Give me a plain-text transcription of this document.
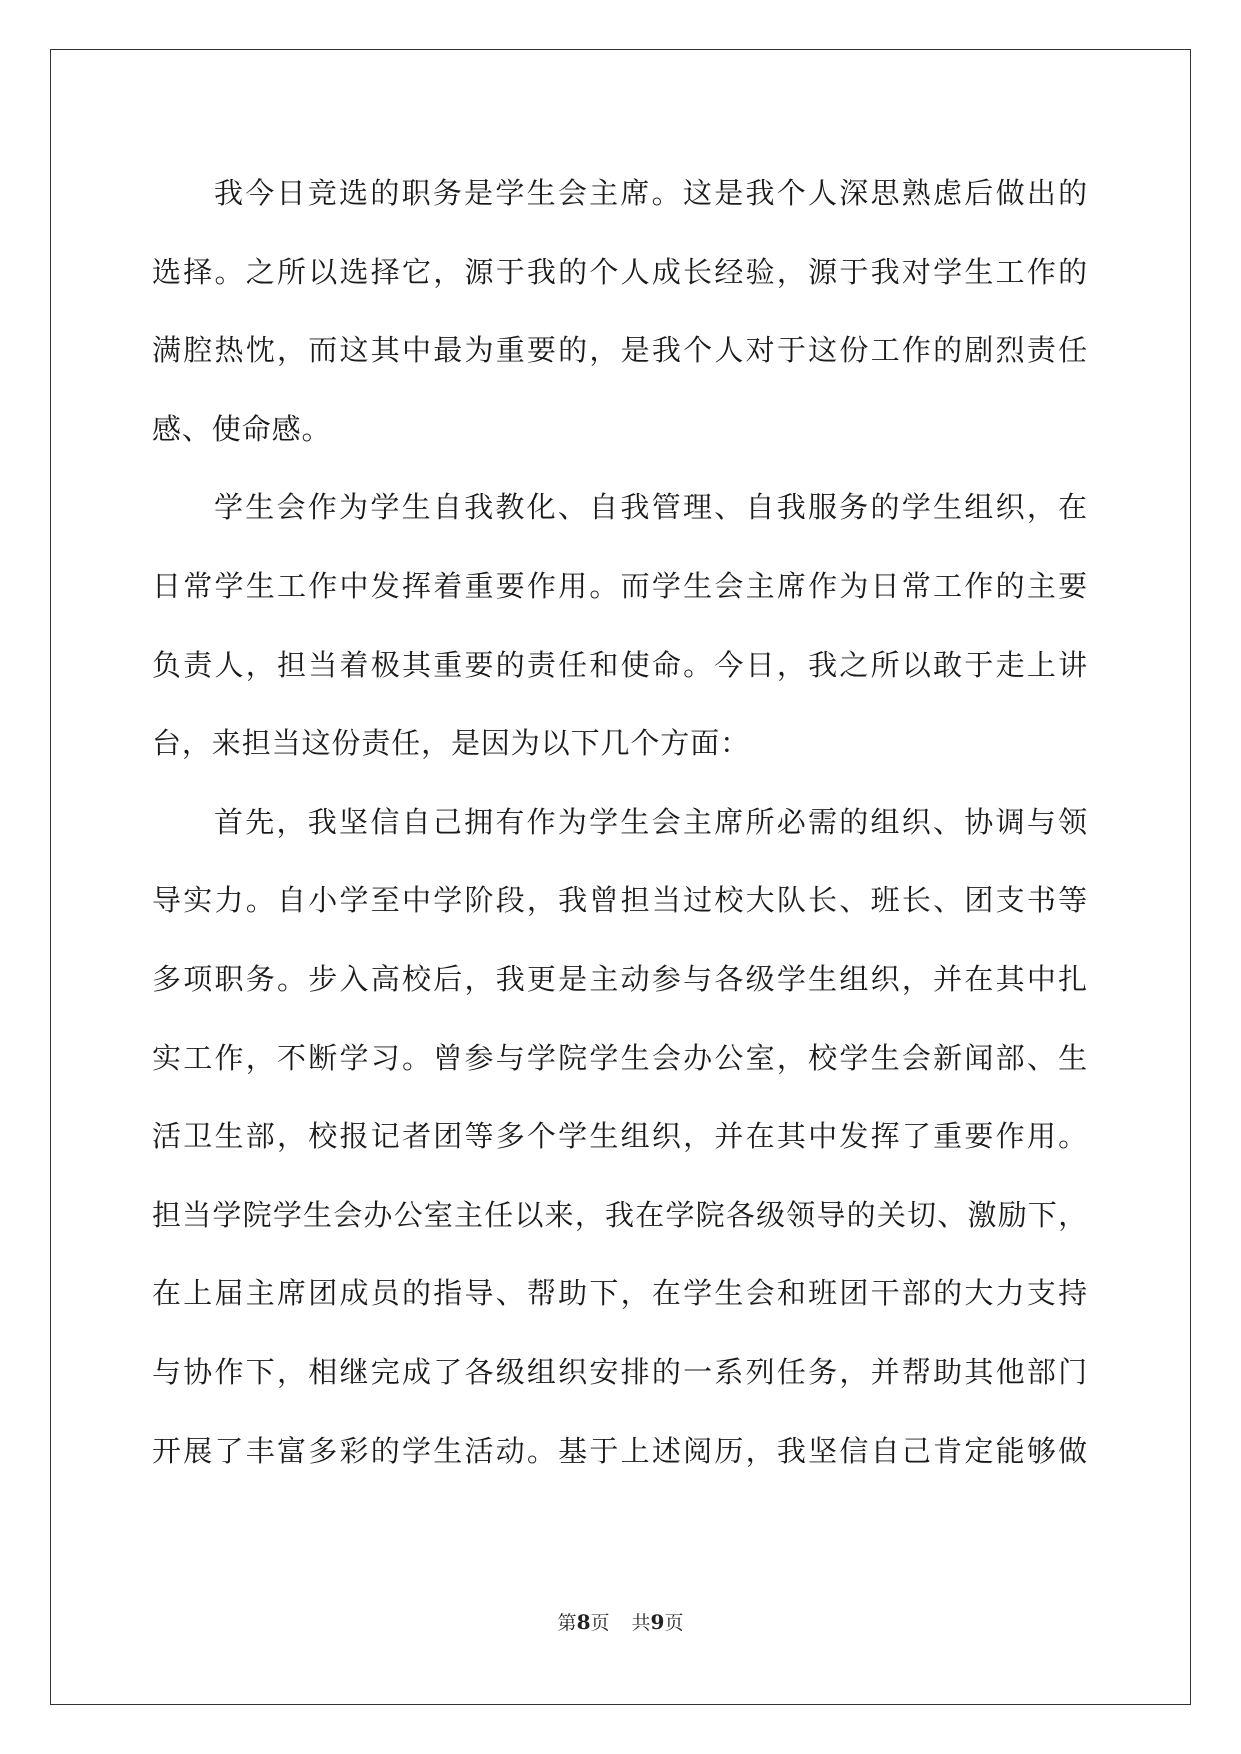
我今日竞选的职务是学生会主席。这是我个人深思熟虑后做出的
选择。之所以选择它，源于我的个人成长经验，源于我对学生工作的
满腔热忱，而这其中最为重要的，是我个人对于这份工作的剧烈责任
感、使命感。
学生会作为学生自我教化、自我管理、自我服务的学生组织，在
日常学生工作中发挥着重要作用。而学生会主席作为日常工作的主要
负责人，担当着极其重要的责任和使命。今日，我之所以敢于走上讲
台，来担当这份责任，是因为以下几个方面：
首先，我坚信自己拥有作为学生会主席所必需的组织、协调与领
导实力。自小学至中学阶段，我曾担当过校大队长、班长、团支书等
多项职务。步入高校后，我更是主动参与各级学生组织，并在其中扎
实工作，不断学习。曾参与学院学生会办公室，校学生会新闻部、生
活卫生部，校报记者团等多个学生组织，并在其中发挥了重要作用。
担当学院学生会办公室主任以来，我在学院各级领导的关切、激励下，
在上届主席团成员的指导、帮助下，在学生会和班团干部的大力支持
与协作下，相继完成了各级组织安排的一系列任务，并帮助其他部门
开展了丰富多彩的学生活动。基于上述阅历，我坚信自己肯定能够做
第8页 共9页
